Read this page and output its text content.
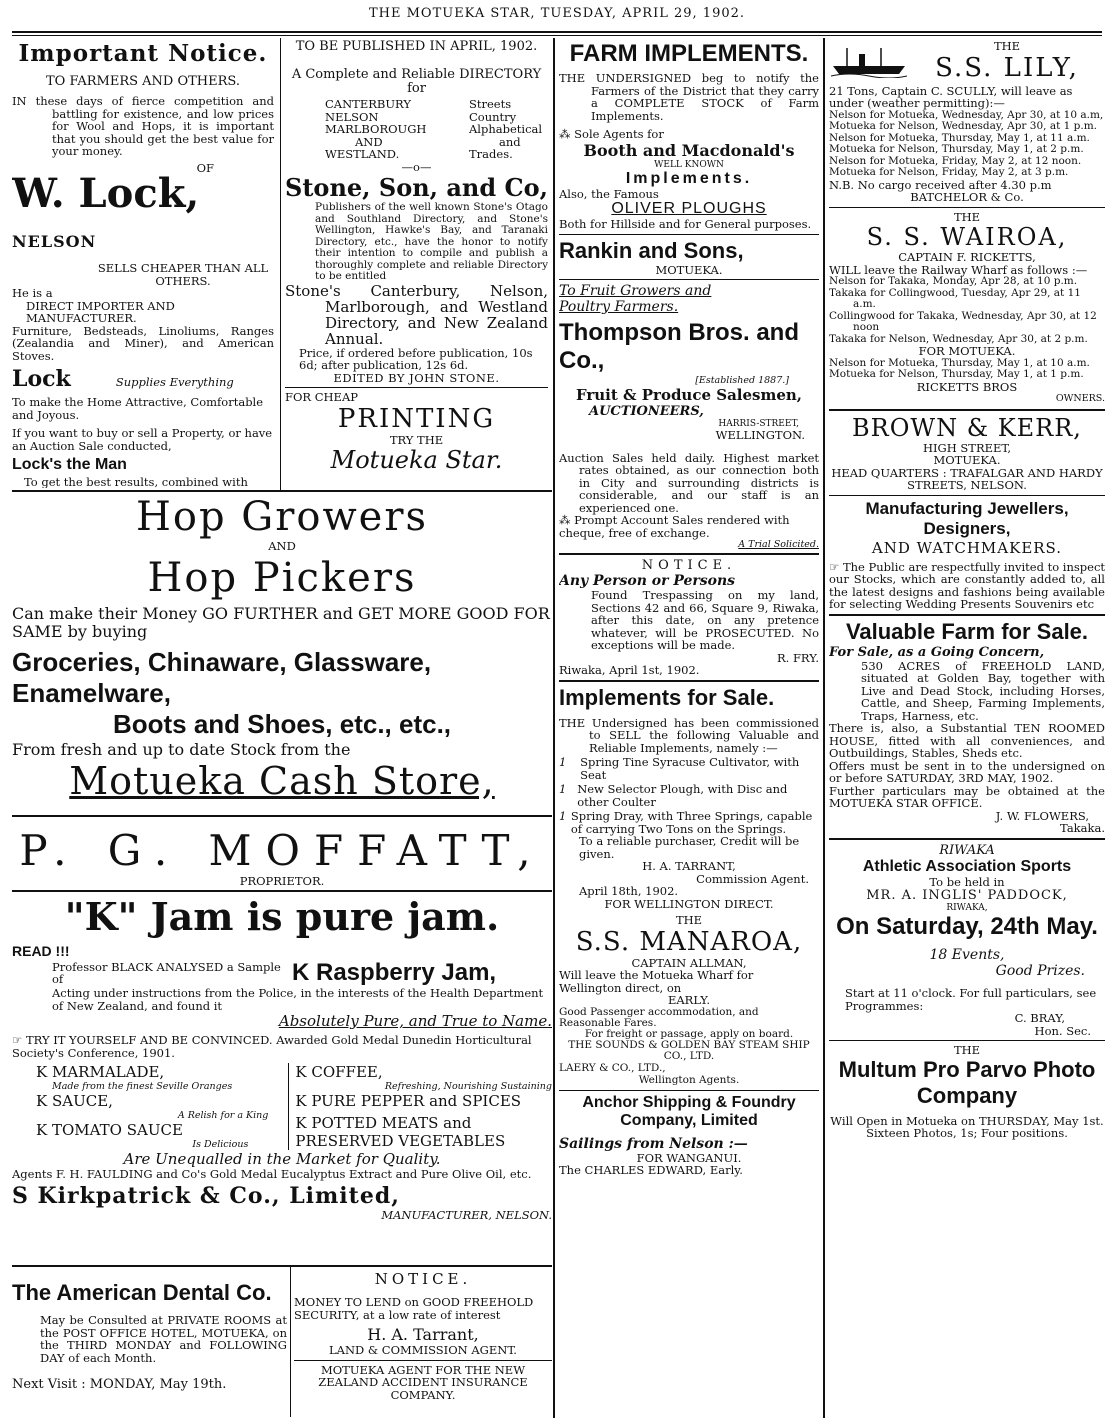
THE MOTUEKA STAR, TUESDAY, APRIL 29, 1902.
Important Notice.
TO FARMERS AND OTHERS.

IN these days of fierce competition and battling for existence, and low prices for Wool and Hops, it is important that you should get the best value for your money.

OF
W. Lock, NELSON
SELLS CHEAPER THAN ALL OTHERS.
He is a
DIRECT IMPORTER AND MANUFACTURER.

Furniture, Bedsteads, Linoliums, Ranges (Zealandia and Miner), and American Stoves.

Lock	Supplies Everything

To make the Home Attractive, Comfortable and Joyous.

If you want to buy or sell a Property, or have an Auction Sale conducted,

Lock's the Man

To get the best results, combined with

TO BE PUBLISHED IN APRIL, 1902.
A Complete and Reliable DIRECTORY for
CANTERBURY
NELSON
MARLBOROUGH
AND
WESTLAND.
Streets
Country
Alphabetical
and
Trades.
—o—
Stone, Son, and Co,

Publishers of the well known Stone's Otago and Southland Directory, and Stone's Wellington, Hawke's Bay, and Taranaki Directory, etc., have the honor to notify their intention to compile and publish a thoroughly complete and reliable Directory to be entitled

Stone's Canterbury, Nelson, Marlborough, and Westland Directory, and New Zealand Annual.

Price, if ordered before publication, 10s 6d; after publication, 12s 6d.

EDITED BY JOHN STONE.
FOR CHEAP
PRINTING
TRY THE
Motueka Star.
Hop Growers
AND
Hop Pickers

Can make their Money GO FURTHER and GET MORE GOOD FOR SAME by buying

Groceries, Chinaware, Glassware, Enamelware,
Boots and Shoes, etc., etc.,
From fresh and up to date Stock from the
Motueka Cash Store,
P. G. MOFFATT,
PROPRIETOR.
"K" Jam is pure jam.
READ !!!
Professor BLACK ANALYSED a Sample of	K Raspberry Jam,

Acting under instructions from the Police, in the interests of the Health Department of New Zealand, and found it

Absolutely Pure, and True to Name.
☞ TRY IT YOURSELF AND BE CONVINCED. Awarded Gold Medal Dunedin Horticultural Society's Conference, 1901.
K MARMALADE,
Made from the finest Seville Oranges
K SAUCE,
A Relish for a King
K TOMATO SAUCE
Is Delicious
K COFFEE,
Refreshing, Nourishing Sustaining
K PURE PEPPER and SPICES
K POTTED MEATS and PRESERVED VEGETABLES
Are Unequalled in the Market for Quality.

Agents F. H. FAULDING and Co's Gold Medal Eucalyptus Extract and Pure Olive Oil, etc.

S Kirkpatrick & Co., Limited,
MANUFACTURER, NELSON.
The American Dental Co.

May be Consulted at PRIVATE ROOMS at the POST OFFICE HOTEL, MOTUEKA, on the THIRD MONDAY and FOLLOWING DAY of each Month.

Next Visit : MONDAY, May 19th.
NOTICE.

MONEY TO LEND on GOOD FREEHOLD SECURITY, at a low rate of interest

H. A. Tarrant,
LAND & COMMISSION AGENT.

MOTUEKA AGENT FOR THE NEW ZEALAND ACCIDENT INSURANCE COMPANY.

FARM IMPLEMENTS.

THE UNDERSIGNED beg to notify the Farmers of the District that they carry a COMPLETE STOCK of Farm Implements.

⁂ Sole Agents for
Booth and Macdonald's
WELL KNOWN
Implements.
Also, the Famous
OLIVER PLOUGHS

Both for Hillside and for General purposes.

Rankin and Sons,
MOTUEKA.
To Fruit Growers and
Poultry Farmers.
Thompson Bros. and Co.,
[Established 1887.]
Fruit & Produce Salesmen,
AUCTIONEERS,
HARRIS-STREET,
WELLINGTON.

Auction Sales held daily. Highest market rates obtained, as our connection both in City and surrounding districts is considerable, and our staff is an experienced one.

⁂ Prompt Account Sales rendered with cheque, free of exchange.
A Trial Solicited.
NOTICE.
Any Person or Persons

Found Trespassing on my land, Sections 42 and 66, Square 9, Riwaka, after this date, on any pretence whatever, will be PROSECUTED. No exceptions will be made.

R. FRY.
Riwaka, April 1st, 1902.
Implements for Sale.

THE Undersigned has been commissioned to SELL the following Valuable and Reliable Implements, namely :—

1	Spring Tine Syracuse Cultivator, with Seat
1 New Selector Plough, with Disc and other Coulter
1 Spring Dray, with Three Springs, capable of carrying Two Tons on the Springs.

To a reliable purchaser, Credit will be given.

H. A. TARRANT,
Commission Agent.
April 18th, 1902.
FOR WELLINGTON DIRECT.
THE
S.S. MANAROA,
CAPTAIN ALLMAN,

Will leave the Motueka Wharf for Wellington direct, on

EARLY.

Good Passenger accommodation, and Reasonable Fares.

For freight or passage, apply on board.

THE SOUNDS & GOLDEN BAY STEAM SHIP CO., LTD.

LAERY & CO., LTD.,
Wellington Agents.
Anchor Shipping & Foundry Company, Limited
Sailings from Nelson :—
FOR WANGANUI.
The CHARLES EDWARD, Early.
THE
S.S. LILY,

21 Tons, Captain C. SCULLY, will leave as under (weather permitting):—

Nelson for Motueka, Wednesday, Apr 30, at 10 a.m,

Motueka for Nelson, Wednesday, Apr 30, at 1 p.m.

Nelson for Motueka, Thursday, May 1, at 11 a.m.

Motueka for Nelson, Thursday, May 1, at 2 p.m.

Nelson for Motueka, Friday, May 2, at 12 noon.

Motueka for Nelson, Friday, May 2, at 3 p.m.

N.B. No cargo received after 4.30 p.m
BATCHELOR & Co.
THE
S. S. WAIROA,
CAPTAIN F. RICKETTS,

WILL leave the Railway Wharf as follows :—

Nelson for Takaka, Monday, Apr 28, at 10 p.m.

Takaka for Collingwood, Tuesday, Apr 29, at 11 a.m.

Collingwood for Takaka, Wednesday, Apr 30, at 12 noon

Takaka for Nelson, Wednesday, Apr 30, at 2 p.m.

FOR MOTUEKA.

Nelson for Motueka, Thursday, May 1, at 10 a.m.

Motueka for Nelson, Thursday, May 1, at 1 p.m.

RICKETTS BROS
OWNERS.
BROWN & KERR,
HIGH STREET,
MOTUEKA.

HEAD QUARTERS : TRAFALGAR AND HARDY STREETS, NELSON.

Manufacturing Jewellers, Designers,
AND WATCHMAKERS.

☞ The Public are respectfully invited to inspect our Stocks, which are constantly added to, all the latest designs and fashions being available for selecting Wedding Presents Souvenirs etc

Valuable Farm for Sale.
For Sale, as a Going Concern,

530 ACRES of FREEHOLD LAND, situated at Golden Bay, together with Live and Dead Stock, including Horses, Cattle, and Sheep, Farming Implements, Traps, Harness, etc.

There is, also, a Substantial TEN ROOMED HOUSE, fitted with all conveniences, and Outbuildings, Stables, Sheds etc.

Offers must be sent in to the undersigned on or before SATURDAY, 3RD MAY, 1902.

Further particulars may be obtained at the MOTUEKA STAR OFFICE.

J. W. FLOWERS,
Takaka.
RIWAKA
Athletic Association Sports
To be held in
MR. A. INGLIS' PADDOCK,
RIWAKA,
On Saturday, 24th May.
18 Events,
Good Prizes.

Start at 11 o'clock. For full particulars, see Programmes:

C. BRAY,
Hon. Sec.
THE
Multum Pro Parvo Photo Company

Will Open in Motueka on THURSDAY, May 1st.

Sixteen Photos, 1s; Four positions.
